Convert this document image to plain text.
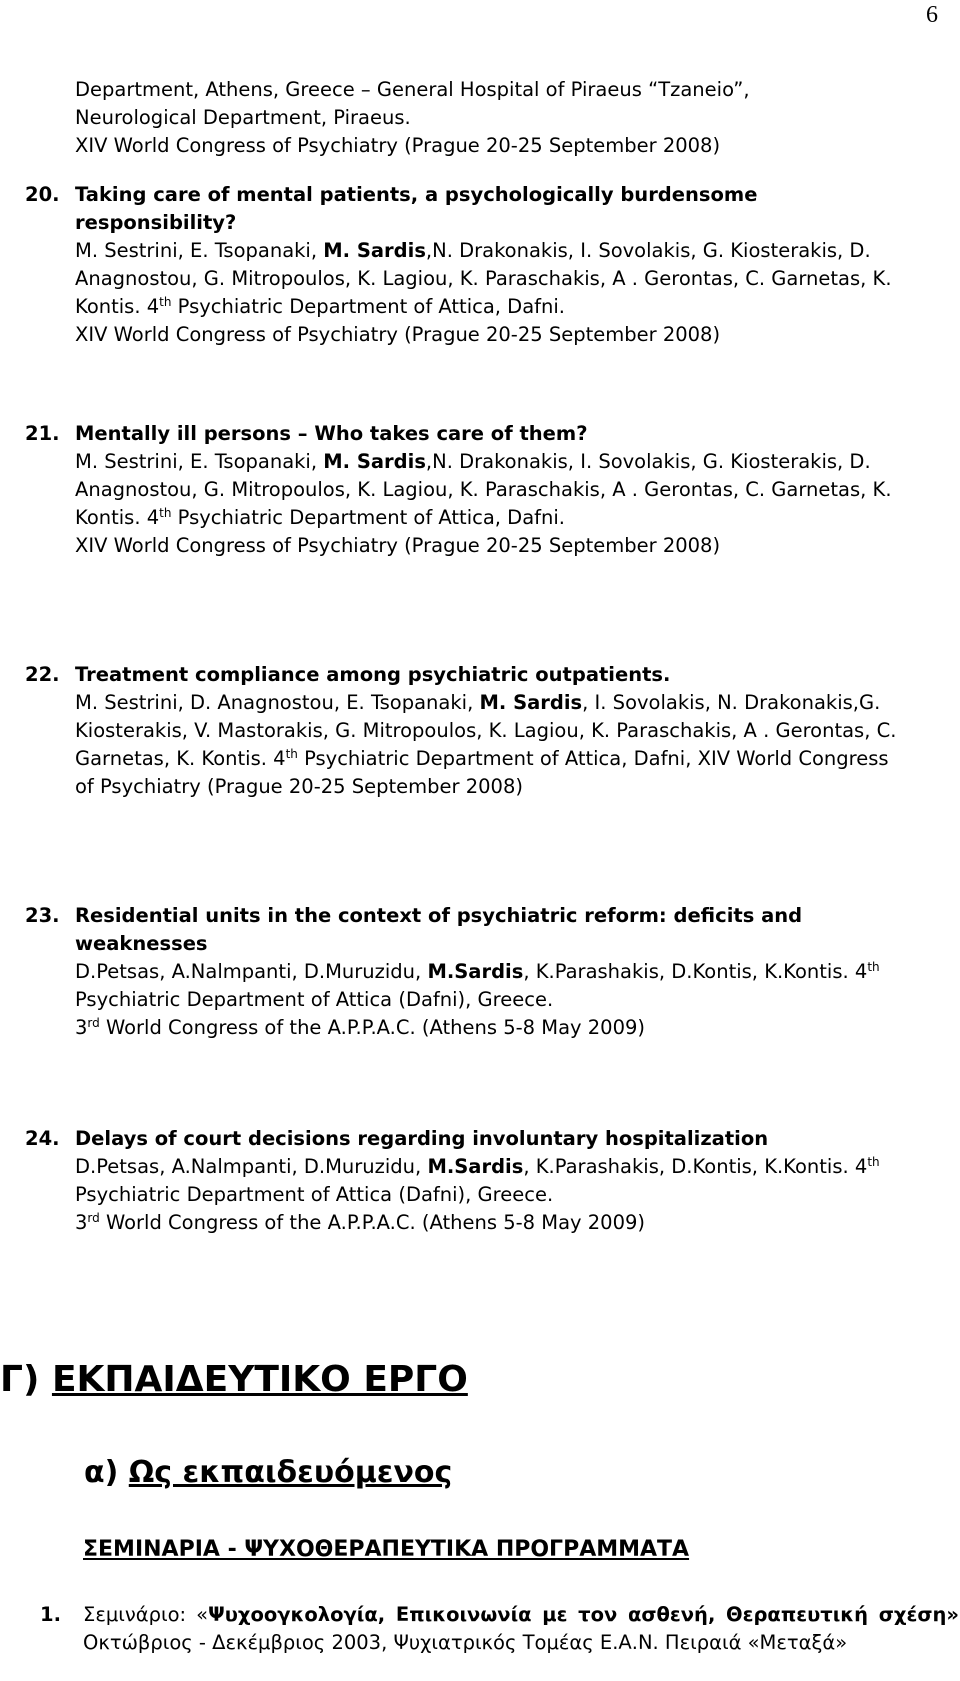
6
Department, Athens, Greece – General Hospital of Piraeus “Tzaneio”,
Neurological Department, Piraeus.
XIV World Congress of Psychiatry (Prague 20-25 September 2008)
20. Taking care of mental patients, a psychologically burdensome responsibility?
M. Sestrini, E. Tsopanaki, M. Sardis,N. Drakonakis, I. Sovolakis, G. Kiosterakis, D. Anagnostou, G. Mitropoulos, K. Lagiou, K. Paraschakis, A . Gerontas, C. Garnetas, K. Kontis. 4th Psychiatric Department of Attica, Dafni.
XIV World Congress of Psychiatry (Prague 20-25 September 2008)
21. Mentally ill persons – Who takes care of them?
M. Sestrini, E. Tsopanaki, M. Sardis,N. Drakonakis, I. Sovolakis, G. Kiosterakis, D. Anagnostou, G. Mitropoulos, K. Lagiou, K. Paraschakis, A . Gerontas, C. Garnetas, K. Kontis. 4th Psychiatric Department of Attica, Dafni.
XIV World Congress of Psychiatry (Prague 20-25 September 2008)
22. Treatment compliance among psychiatric outpatients.
M. Sestrini, D. Anagnostou, E. Tsopanaki, M. Sardis, I. Sovolakis, N. Drakonakis,G. Kiosterakis, V. Mastorakis, G. Mitropoulos, K. Lagiou, K. Paraschakis, A . Gerontas, C. Garnetas, K. Kontis. 4th Psychiatric Department of Attica, Dafni, XIV World Congress of Psychiatry (Prague 20-25 September 2008)
23. Residential units in the context of psychiatric reform: deficits and weaknesses
D.Petsas, A.Nalmpanti, D.Muruzidu, M.Sardis, K.Parashakis, D.Kontis, K.Kontis. 4th Psychiatric Department of Attica (Dafni), Greece.
3rd World Congress of the A.P.P.A.C. (Athens 5-8 May 2009)
24. Delays of court decisions regarding involuntary hospitalization
D.Petsas, A.Nalmpanti, D.Muruzidu, M.Sardis, K.Parashakis, D.Kontis, K.Kontis. 4th Psychiatric Department of Attica (Dafni), Greece.
3rd World Congress of the A.P.P.A.C. (Athens 5-8 May 2009)
Γ) ΕΚΠΑΙΔΕΥΤΙΚΟ ΕΡΓΟ
α) Ως εκπαιδευόμενος
ΣΕΜΙΝΑΡΙΑ - ΨΥΧΟΘΕΡΑΠΕΥΤΙΚΑ ΠΡΟΓΡΑΜΜΑΤΑ
1. Σεμινάριο: «Ψυχοογκολογία, Επικοινωνία με τον ασθενή, Θεραπευτική σχέση» Οκτώβριος - Δεκέμβριος 2003, Ψυχιατρικός Τομέας Ε.Α.Ν. Πειραιά «Μεταξά»
